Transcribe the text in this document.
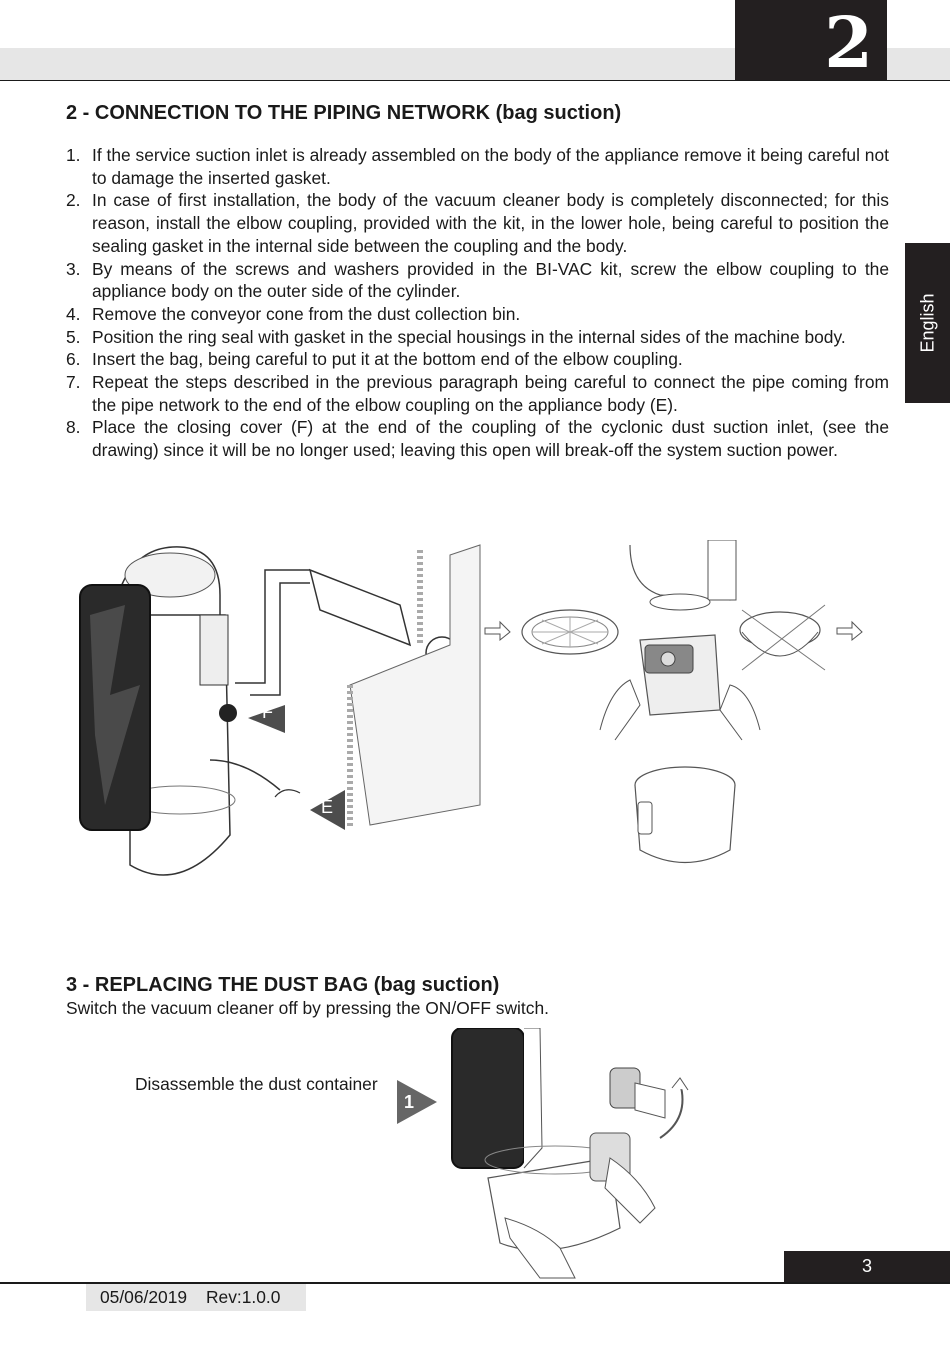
2
English
2 - CONNECTION TO THE PIPING NETWORK (bag suction)
1. If the service suction inlet is already assembled on the body of the appliance remove it being careful not to damage the inserted gasket.
2. In case of first installation, the body of the vacuum cleaner body is completely disconnected; for this reason, install the elbow coupling, provided with the kit, in the lower hole, being careful to position the sealing gasket in the internal side between the coupling and the body.
3. By means of the screws and washers provided in the BI-VAC kit, screw the elbow coupling to the appliance body on the outer side of the cylinder.
4. Remove the conveyor cone from the dust collection bin.
5. Position the ring seal with gasket in the special housings in the internal sides of the machine body.
6. Insert the bag, being careful to put it at the bottom end of the elbow coupling.
7. Repeat the steps described in the previous paragraph being careful to connect the pipe coming from the pipe network to the end of the elbow coupling on the appliance body (E).
8. Place the closing cover (F) at the end of the coupling of the cyclonic dust suction inlet, (see the drawing) since it will be no longer used; leaving this open will break-off the system suction power.
F
E
3 - REPLACING THE DUST BAG (bag suction)

Switch the vacuum cleaner off by pressing the ON/OFF switch.

Disassemble the dust container
1
3
05/06/2019 Rev:1.0.0
